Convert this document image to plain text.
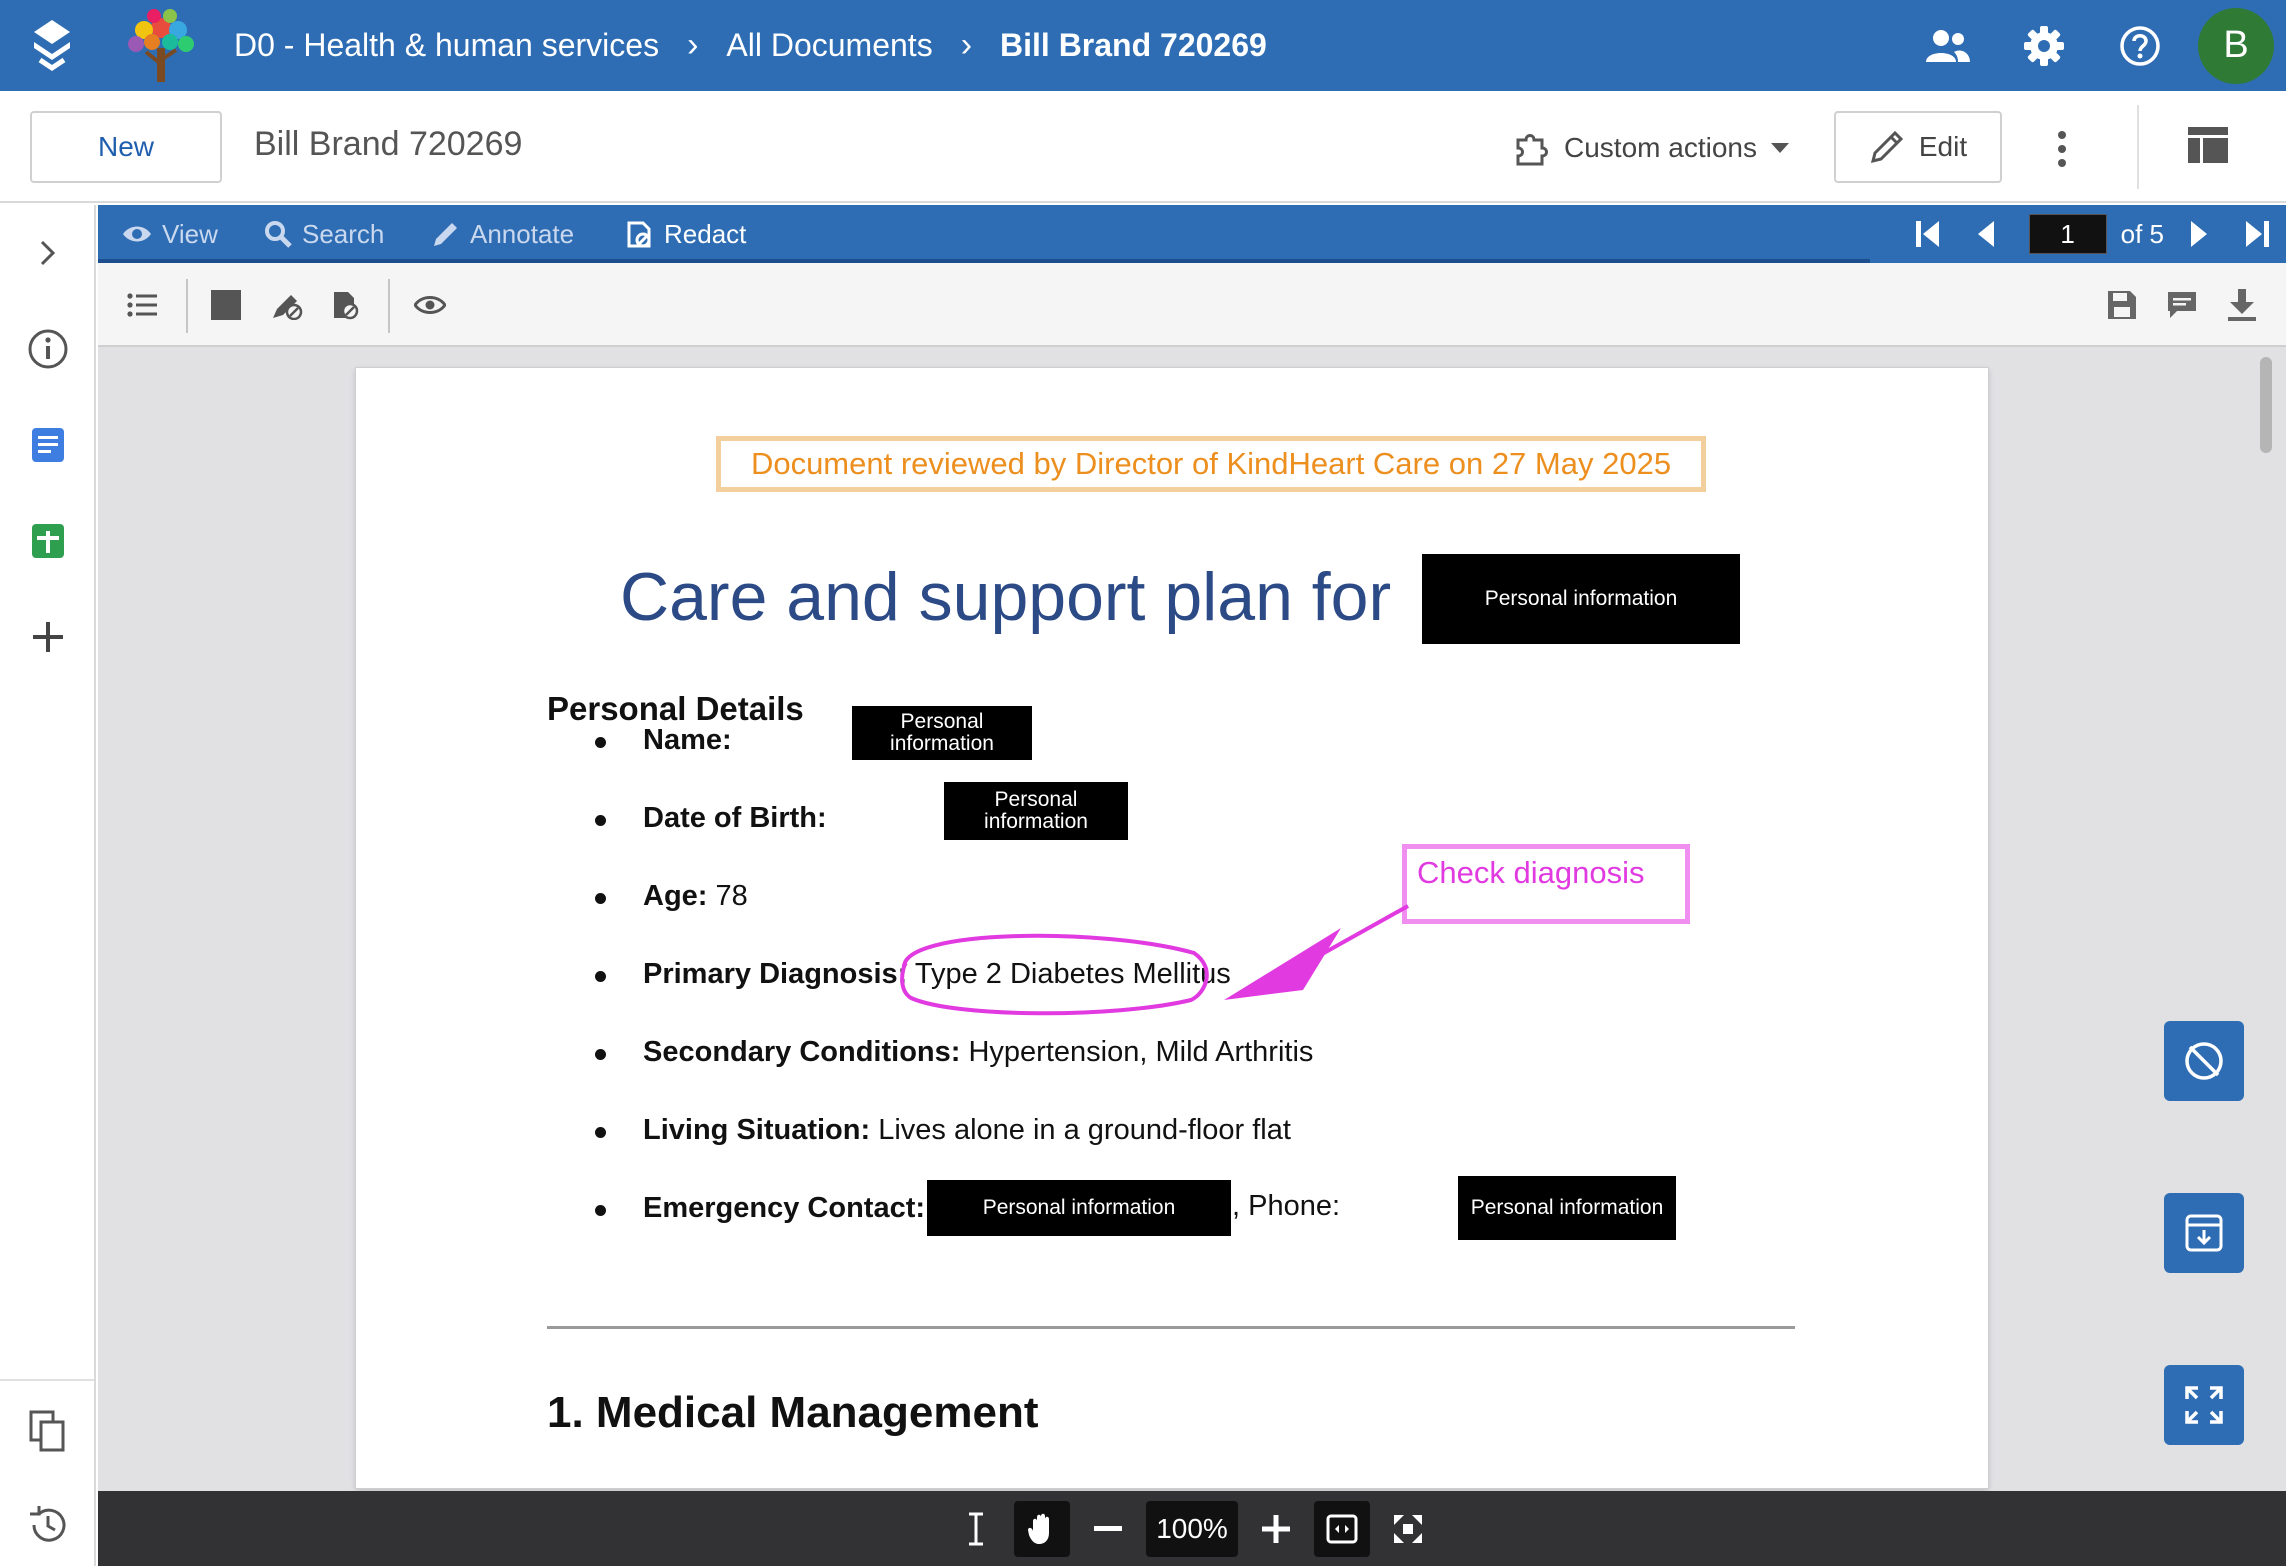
D0 - Health & human services › All Documents › Bill Brand 720269	B
New	Bill Brand 720269	Custom actions	Edit
View	Search	Annotate	Redact	1	of 5
Document reviewed by Director of KindHeart Care on 27 May 2025
Care and support plan for	Personal information
Personal Details
Name:
Personal
information
Date of Birth:
Personal
information
Age: 78
Primary Diagnosis: Type 2 Diabetes Mellitus
Secondary Conditions: Hypertension, Mild Arthritis
Living Situation: Lives alone in a ground-floor flat
Emergency Contact:	Personal information	, Phone:	Personal information
1. Medical Management
Check diagnosis
100%
